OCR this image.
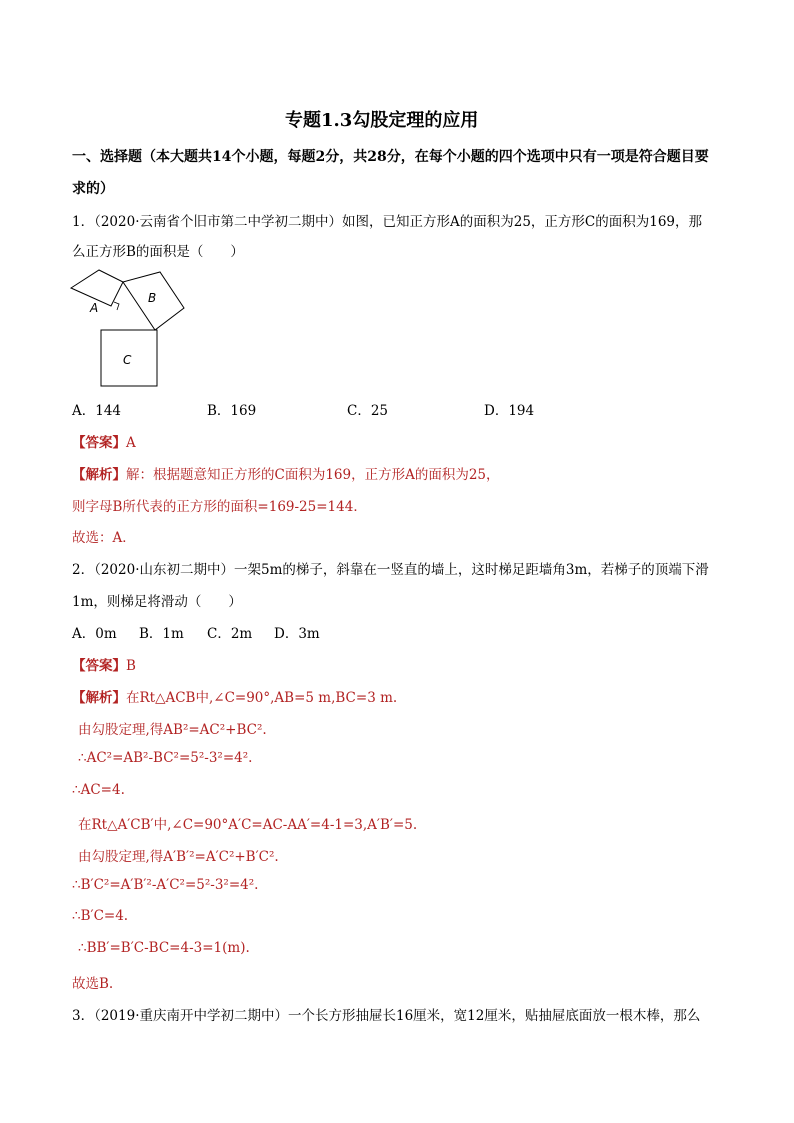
专题1.3勾股定理的应用
一、选择题（本大题共14个小题，每题2分，共28分，在每个小题的四个选项中只有一项是符合题目要
求的）
1．（2020·云南省个旧市第二中学初二期中）如图，已知正方形A的面积为25，正方形C的面积为169，那
么正方形B的面积是（　　）
A
B
C
A．144	B．169	C．25	D．194
【答案】A
【解析】解：根据题意知正方形的C面积为169，正方形A的面积为25，
则字母B所代表的正方形的面积=169-25=144．
故选：A．
2．（2020·山东初二期中）一架5m的梯子，斜靠在一竖直的墙上，这时梯足距墙角3m，若梯子的顶端下滑
1m，则梯足将滑动（　　）
A．0m B．1m C．2m D．3m
【答案】B
【解析】在Rt△ACB中,∠C=90°,AB=5 m,BC=3 m.
由勾股定理,得AB²=AC²+BC².
∴AC²=AB²-BC²=5²-3²=4².
∴AC=4.
在Rt△A′CB′中,∠C=90°A′C=AC-AA′=4-1=3,A′B′=5.
由勾股定理,得A′B′²=A′C²+B′C².
∴B′C²=A′B′²-A′C²=5²-3²=4².
∴B′C=4.
∴BB′=B′C-BC=4-3=1(m).
故选B.
3．（2019·重庆南开中学初二期中）一个长方形抽屉长16厘米，宽12厘米，贴抽屉底面放一根木棒，那么
